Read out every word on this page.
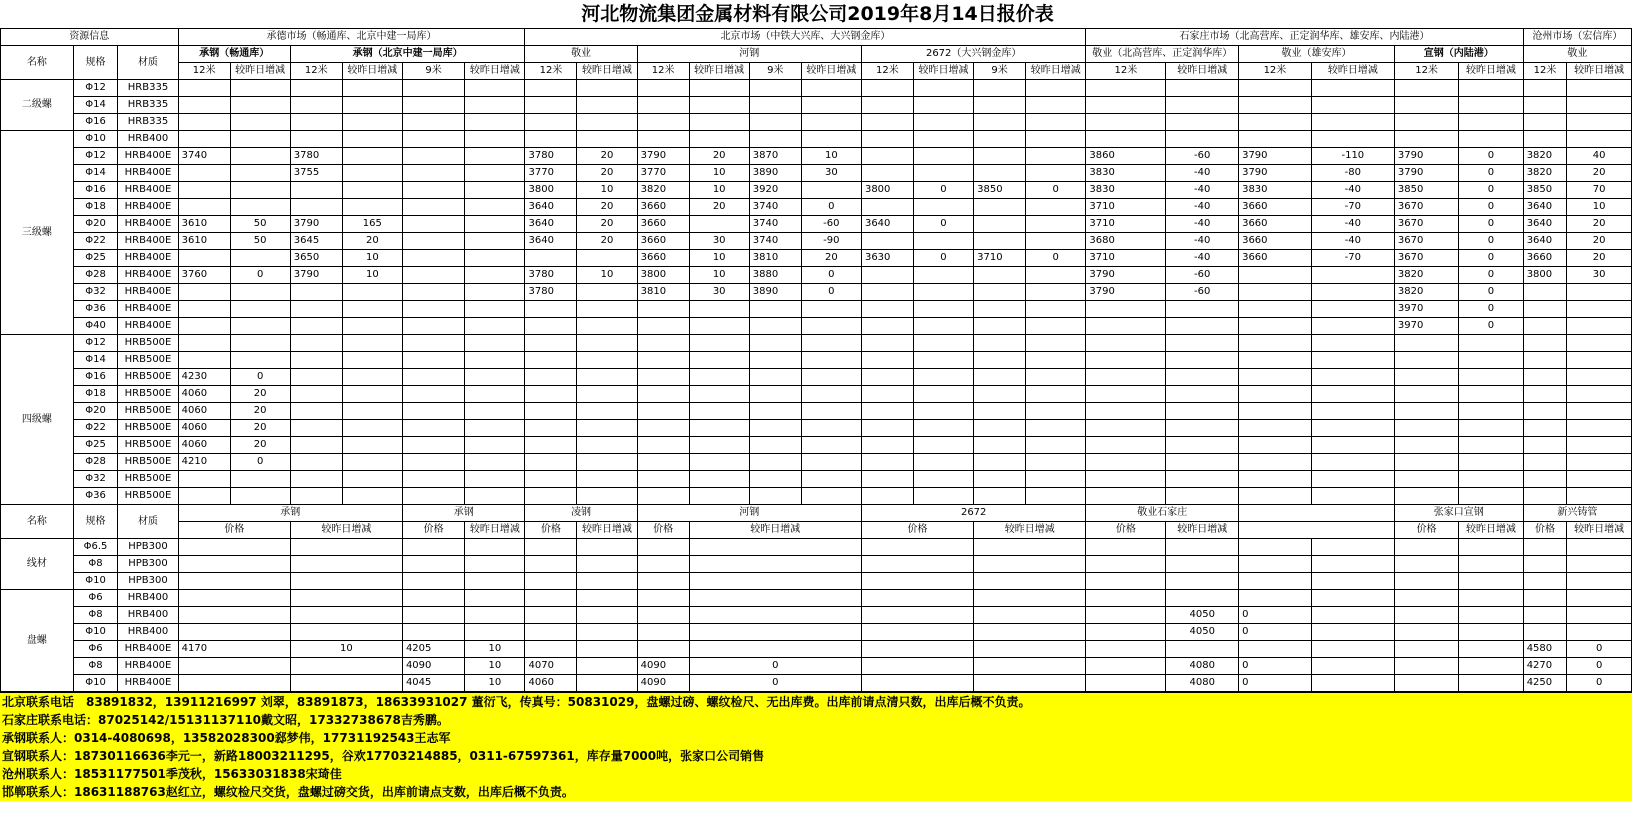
河北物流集团金属材料有限公司2019年8月14日报价表
资源信息			承德市场（畅通库、北京中建一局库）						北京市场（中铁大兴库、大兴钢金库）										石家庄市场（北高营库、正定润华库、雄安库、内陆港）						沧州市场（宏信库）	
名称	规格	材质	承钢（畅通库）		承钢（北京中建一局库）				敬业		河钢				2672（大兴钢金库）				敬业（北高营库、正定润华库）		敬业（雄安库）		宣钢（内陆港）		敬业	
			12米	较昨日增减	12米	较昨日增减	9米	较昨日增减	12米	较昨日增减	12米	较昨日增减	9米	较昨日增减	12米	较昨日增减	9米	较昨日增减	12米	较昨日增减	12米	较昨日增减	12米	较昨日增减	12米	较昨日增减
二级螺	Φ12	HRB335																								
	Φ14	HRB335																								
	Φ16	HRB335																								
三级螺	Φ10	HRB400																								
	Φ12	HRB400E	3740		3780				3780	20	3790	20	3870	10					3860	-60	3790	-110	3790	0	3820	40
	Φ14	HRB400E			3755				3770	20	3770	10	3890	30					3830	-40	3790	-80	3790	0	3820	20
	Φ16	HRB400E							3800	10	3820	10	3920		3800	0	3850	0	3830	-40	3830	-40	3850	0	3850	70
	Φ18	HRB400E							3640	20	3660	20	3740	0					3710	-40	3660	-70	3670	0	3640	10
	Φ20	HRB400E	3610	50	3790	165			3640	20	3660		3740	-60	3640	0			3710	-40	3660	-40	3670	0	3640	20
	Φ22	HRB400E	3610	50	3645	20			3640	20	3660	30	3740	-90					3680	-40	3660	-40	3670	0	3640	20
	Φ25	HRB400E			3650	10					3660	10	3810	20	3630	0	3710	0	3710	-40	3660	-70	3670	0	3660	20
	Φ28	HRB400E	3760	0	3790	10			3780	10	3800	10	3880	0					3790	-60			3820	0	3800	30
	Φ32	HRB400E							3780		3810	30	3890	0					3790	-60			3820	0		
	Φ36	HRB400E																					3970	0		
	Φ40	HRB400E																					3970	0		
四级螺	Φ12	HRB500E																								
	Φ14	HRB500E																								
	Φ16	HRB500E	4230	0																						
	Φ18	HRB500E	4060	20																						
	Φ20	HRB500E	4060	20																						
	Φ22	HRB500E	4060	20																						
	Φ25	HRB500E	4060	20																						
	Φ28	HRB500E	4210	0																						
	Φ32	HRB500E																								
	Φ36	HRB500E																								
名称	规格	材质	承钢				承钢		凌钢		河钢				2672				敬业石家庄				张家口宣钢		新兴铸管	
			价格		较昨日增减		价格	较昨日增减	价格	较昨日增减	价格	较昨日增减			价格		较昨日增减		价格	较昨日增减			价格	较昨日增减	价格	较昨日增减
线材	Φ6.5	HPB300																								
	Φ8	HPB300																								
	Φ10	HPB300																								
盘螺	Φ6	HRB400																								
	Φ8	HRB400																		4050	0					
	Φ10	HRB400																		4050	0					
	Φ6	HRB400E	4170		10		4205	10																	4580	0
	Φ8	HRB400E					4090	10	4070		4090	0								4080	0				4270	0
	Φ10	HRB400E					4045	10	4060		4090	0								4080	0				4250	0
北京联系电话　83891832，13911216997 刘翠，83891873，18633931027 董衍飞，传真号：50831029，盘螺过磅、螺纹检尺、无出库费。出库前请点清只数，出库后概不负责。
石家庄联系电话：87025142/15131137110戴文昭，17332738678吉秀鹏。
承钢联系人：0314-4080698，13582028300郄梦伟，17731192543王志军
宣钢联系人：18730116636李元一，新路18003211295，谷欢17703214885，0311-67597361，库存量7000吨，张家口公司销售
沧州联系人：18531177501季茂秋，15633031838宋琦佳
邯郸联系人：18631188763赵红立，螺纹检尺交货，盘螺过磅交货，出库前请点支数，出库后概不负责。
